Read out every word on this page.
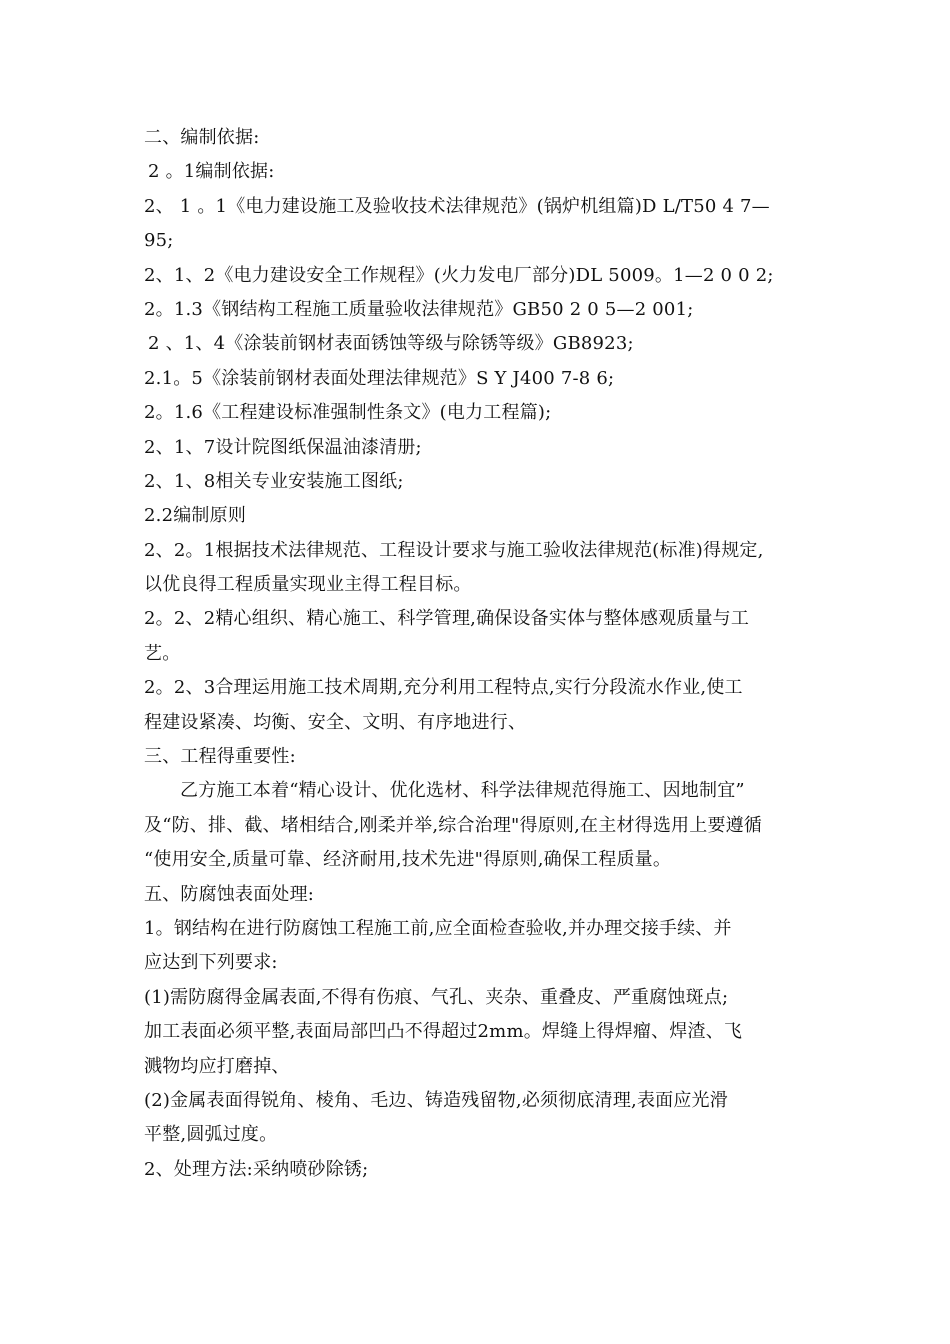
二、编制依据:
2 。1编制依据:
2、 1 。1《电力建设施工及验收技术法律规范》(锅炉机组篇)D L/T50 4 7—
95;
2、1、2《电力建设安全工作规程》(火力发电厂部分)DL 5009。1—2 0 0 2;
2。1.3《钢结构工程施工质量验收法律规范》GB50 2 0 5—2 001;
2 、1、4《涂装前钢材表面锈蚀等级与除锈等级》GB8923;
2.1。5《涂装前钢材表面处理法律规范》S Y J400 7-8 6;
2。1.6《工程建设标准强制性条文》(电力工程篇);
2、1、7设计院图纸保温油漆清册;
2、1、8相关专业安装施工图纸;
2.2编制原则
2、2。1根据技术法律规范、工程设计要求与施工验收法律规范(标准)得规定,
以优良得工程质量实现业主得工程目标。
2。2、2精心组织、精心施工、科学管理,确保设备实体与整体感观质量与工
艺。
2。2、3合理运用施工技术周期,充分利用工程特点,实行分段流水作业,使工
程建设紧凑、均衡、安全、文明、有序地进行、
三、工程得重要性:
乙方施工本着“精心设计、优化选材、科学法律规范得施工、因地制宜”
及“防、排、截、堵相结合,刚柔并举,综合治理"得原则,在主材得选用上要遵循
“使用安全,质量可靠、经济耐用,技术先进"得原则,确保工程质量。
五、防腐蚀表面处理:
1。钢结构在进行防腐蚀工程施工前,应全面检查验收,并办理交接手续、并
应达到下列要求:
(1)需防腐得金属表面,不得有伤痕、气孔、夹杂、重叠皮、严重腐蚀斑点;
加工表面必须平整,表面局部凹凸不得超过2mm。焊缝上得焊瘤、焊渣、飞
溅物均应打磨掉、
(2)金属表面得锐角、棱角、毛边、铸造残留物,必须彻底清理,表面应光滑
平整,圆弧过度。
2、处理方法:采纳喷砂除锈;
